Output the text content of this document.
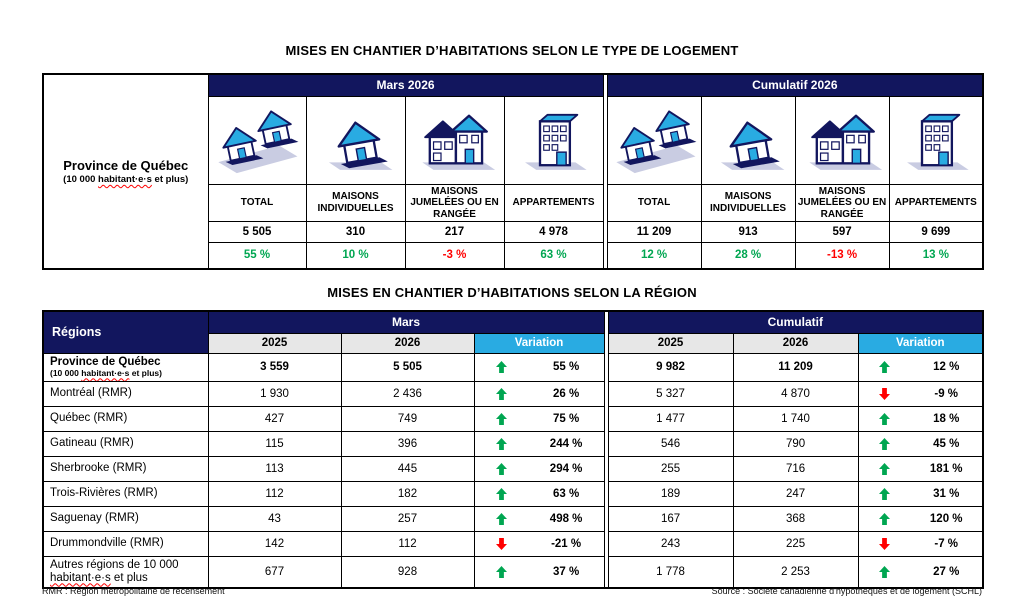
MISES EN CHANTIER D’HABITATIONS SELON LE TYPE DE LOGEMENT
Province de Québec
(10 000 habitant·e·s et plus)	Mars 2026					Cumulatif 2026			

	TOTAL	MAISONS INDIVIDUELLES	MAISONS JUMELÉES OU EN RANGÉE	APPARTEMENTS		TOTAL	MAISONS INDIVIDUELLES	MAISONS JUMELÉES OU EN RANGÉE	APPARTEMENTS
	5 505	310	217	4 978		11 209	913	597	9 699
	55 %	10 %	-3 %	63 %		12 %	28 %	-13 %	13 %
MISES EN CHANTIER D’HABITATIONS SELON LA RÉGION
Régions	Mars				Cumulatif		
	2025	2026	Variation		2025	2026	Variation

Province de Québec
(10 000 habitant·e·s et plus)	3 559	5 505	55 %		9 982	11 209	12 %

Montréal (RMR)	1 930	2 436	26 %		5 327	4 870	-9 %

Québec (RMR)	427	749	75 %		1 477	1 740	18 %

Gatineau (RMR)	115	396	244 %		546	790	45 %

Sherbrooke (RMR)	113	445	294 %		255	716	181 %

Trois-Rivières (RMR)	112	182	63 %		189	247	31 %

Saguenay (RMR)	43	257	498 %		167	368	120 %

Drummondville (RMR)	142	112	-21 %		243	225	-7 %

Autres régions de 10 000
habitant·e·s et plus	677	928	37 %		1 778	2 253	27 %
RMR : Région métropolitaine de recensement	Source : Société canadienne d'hypothèques et de logement (SCHL)
